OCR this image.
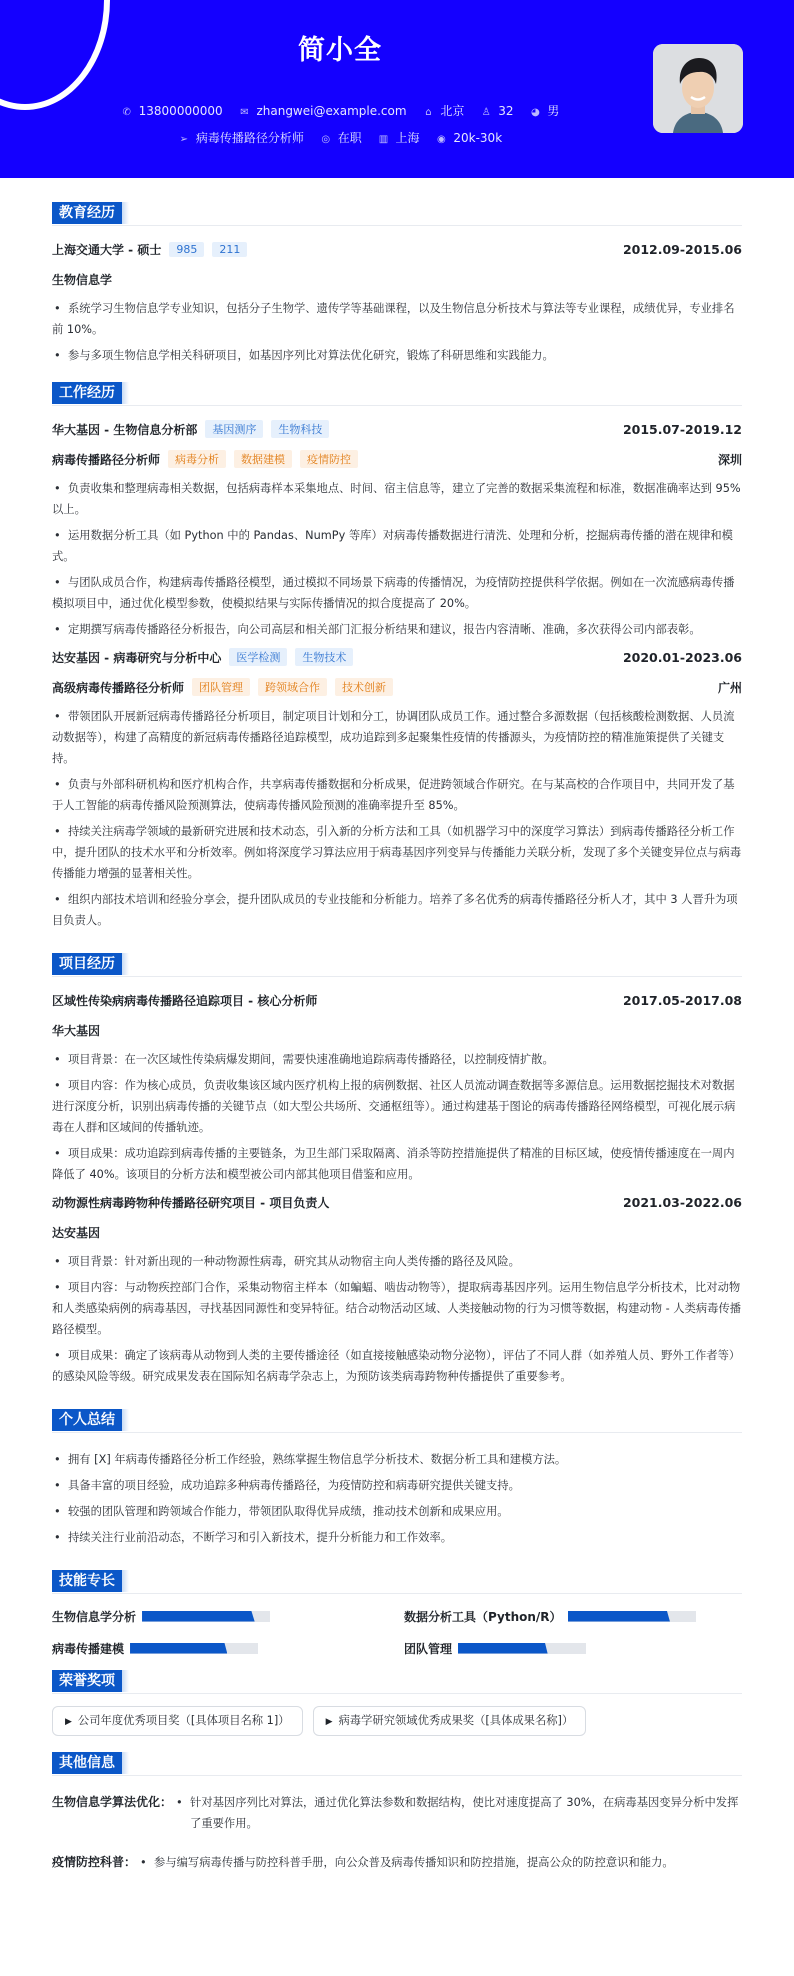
简小全
✆ 13800000000 ✉ zhangwei@example.com ⌂ 北京 ♙ 32 ◕ 男
➢ 病毒传播路径分析师 ◎ 在职 ▥ 上海 ◉ 20k-30k
教育经历
上海交通大学 - 硕士	985	211	2012.09-2015.06
生物信息学
• 系统学习生物信息学专业知识，包括分子生物学、遗传学等基础课程，以及生物信息分析技术与算法等专业课程，成绩优异，专业排名前 10%。
• 参与多项生物信息学相关科研项目，如基因序列比对算法优化研究，锻炼了科研思维和实践能力。
工作经历
华大基因 - 生物信息分析部	基因测序	生物科技	2015.07-2019.12
病毒传播路径分析师	病毒分析	数据建模	疫情防控	深圳
• 负责收集和整理病毒相关数据，包括病毒样本采集地点、时间、宿主信息等，建立了完善的数据采集流程和标准，数据准确率达到 95%以上。
• 运用数据分析工具（如 Python 中的 Pandas、NumPy 等库）对病毒传播数据进行清洗、处理和分析，挖掘病毒传播的潜在规律和模式。
• 与团队成员合作，构建病毒传播路径模型，通过模拟不同场景下病毒的传播情况，为疫情防控提供科学依据。例如在一次流感病毒传播模拟项目中，通过优化模型参数，使模拟结果与实际传播情况的拟合度提高了 20%。
• 定期撰写病毒传播路径分析报告，向公司高层和相关部门汇报分析结果和建议，报告内容清晰、准确，多次获得公司内部表彰。
达安基因 - 病毒研究与分析中心	医学检测	生物技术	2020.01-2023.06
高级病毒传播路径分析师	团队管理	跨领域合作	技术创新	广州
• 带领团队开展新冠病毒传播路径分析项目，制定项目计划和分工，协调团队成员工作。通过整合多源数据（包括核酸检测数据、人员流动数据等），构建了高精度的新冠病毒传播路径追踪模型，成功追踪到多起聚集性疫情的传播源头，为疫情防控的精准施策提供了关键支持。
• 负责与外部科研机构和医疗机构合作，共享病毒传播数据和分析成果，促进跨领域合作研究。在与某高校的合作项目中，共同开发了基于人工智能的病毒传播风险预测算法，使病毒传播风险预测的准确率提升至 85%。
• 持续关注病毒学领域的最新研究进展和技术动态，引入新的分析方法和工具（如机器学习中的深度学习算法）到病毒传播路径分析工作中，提升团队的技术水平和分析效率。例如将深度学习算法应用于病毒基因序列变异与传播能力关联分析，发现了多个关键变异位点与病毒传播能力增强的显著相关性。
• 组织内部技术培训和经验分享会，提升团队成员的专业技能和分析能力。培养了多名优秀的病毒传播路径分析人才，其中 3 人晋升为项目负责人。
项目经历
区域性传染病病毒传播路径追踪项目 - 核心分析师	2017.05-2017.08
华大基因
• 项目背景：在一次区域性传染病爆发期间，需要快速准确地追踪病毒传播路径，以控制疫情扩散。
• 项目内容：作为核心成员，负责收集该区域内医疗机构上报的病例数据、社区人员流动调查数据等多源信息。运用数据挖掘技术对数据进行深度分析，识别出病毒传播的关键节点（如大型公共场所、交通枢纽等）。通过构建基于图论的病毒传播路径网络模型，可视化展示病毒在人群和区域间的传播轨迹。
• 项目成果：成功追踪到病毒传播的主要链条，为卫生部门采取隔离、消杀等防控措施提供了精准的目标区域，使疫情传播速度在一周内降低了 40%。该项目的分析方法和模型被公司内部其他项目借鉴和应用。
动物源性病毒跨物种传播路径研究项目 - 项目负责人	2021.03-2022.06
达安基因
• 项目背景：针对新出现的一种动物源性病毒，研究其从动物宿主向人类传播的路径及风险。
• 项目内容：与动物疾控部门合作，采集动物宿主样本（如蝙蝠、啮齿动物等），提取病毒基因序列。运用生物信息学分析技术，比对动物和人类感染病例的病毒基因，寻找基因同源性和变异特征。结合动物活动区域、人类接触动物的行为习惯等数据，构建动物 - 人类病毒传播路径模型。
• 项目成果：确定了该病毒从动物到人类的主要传播途径（如直接接触感染动物分泌物），评估了不同人群（如养殖人员、野外工作者等）的感染风险等级。研究成果发表在国际知名病毒学杂志上，为预防该类病毒跨物种传播提供了重要参考。
个人总结
• 拥有 [X] 年病毒传播路径分析工作经验，熟练掌握生物信息学分析技术、数据分析工具和建模方法。
• 具备丰富的项目经验，成功追踪多种病毒传播路径，为疫情防控和病毒研究提供关键支持。
• 较强的团队管理和跨领域合作能力，带领团队取得优异成绩，推动技术创新和成果应用。
• 持续关注行业前沿动态，不断学习和引入新技术，提升分析能力和工作效率。
技能专长
生物信息学分析	数据分析工具（Python/R）
病毒传播建模	团队管理
荣誉奖项
▶ 公司年度优秀项目奖（[具体项目名称 1]）	▶ 病毒学研究领域优秀成果奖（[具体成果名称]）
其他信息
生物信息学算法优化：	• 针对基因序列比对算法，通过优化算法参数和数据结构，使比对速度提高了 30%，在病毒基因变异分析中发挥了重要作用。
疫情防控科普：	• 参与编写病毒传播与防控科普手册，向公众普及病毒传播知识和防控措施，提高公众的防控意识和能力。
